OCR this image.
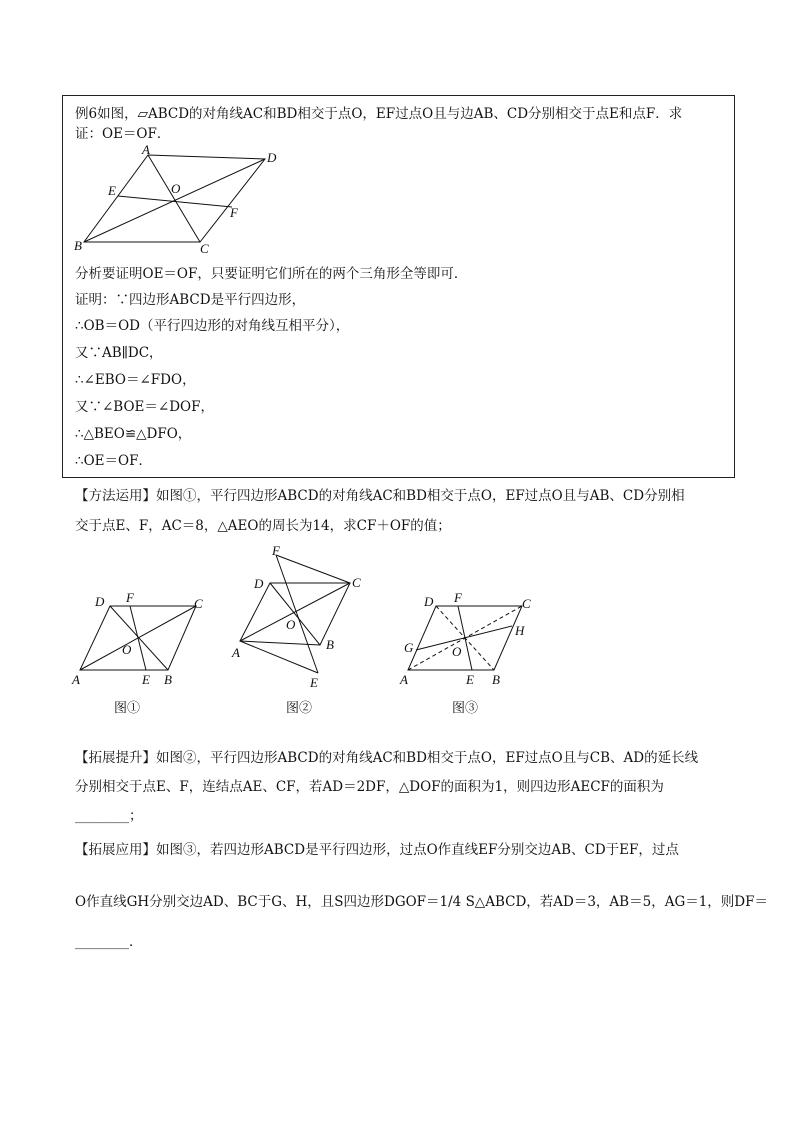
例6如图，▱ABCD的对角线AC和BD相交于点O，EF过点O且与边AB、CD分别相交于点E和点F．求
证：OE＝OF．
A
D
E	O
F
B	C
分析要证明OE＝OF，只要证明它们所在的两个三角形全等即可．
证明：∵四边形ABCD是平行四边形，
∴OB＝OD（平行四边形的对角线互相平分），
又∵AB∥DC，
∴∠EBO＝∠FDO，
又∵∠BOE＝∠DOF，
∴△BEO≌△DFO，
∴OE＝OF．
【方法运用】如图①，平行四边形ABCD的对角线AC和BD相交于点O，EF过点O且与AB、CD分别相
交于点E、F，AC＝8，△AEO的周长为14，求CF＋OF的值；
D F	C
O
A	E B
图①
F
D	C
O
A
B
E
图②
D F	C
H
G	O
A	E B
图③
【拓展提升】如图②，平行四边形ABCD的对角线AC和BD相交于点O，EF过点O且与CB、AD的延长线
分别相交于点E、F，连结点AE、CF，若AD＝2DF，△DOF的面积为1，则四边形AECF的面积为
________；
【拓展应用】如图③，若四边形ABCD是平行四边形，过点O作直线EF分别交边AB、CD于EF，过点
O作直线GH分别交边AD、BC于G、H，且S四边形DGOF＝1/4 S△ABCD，若AD＝3，AB＝5，AG＝1，则DF＝
________．
